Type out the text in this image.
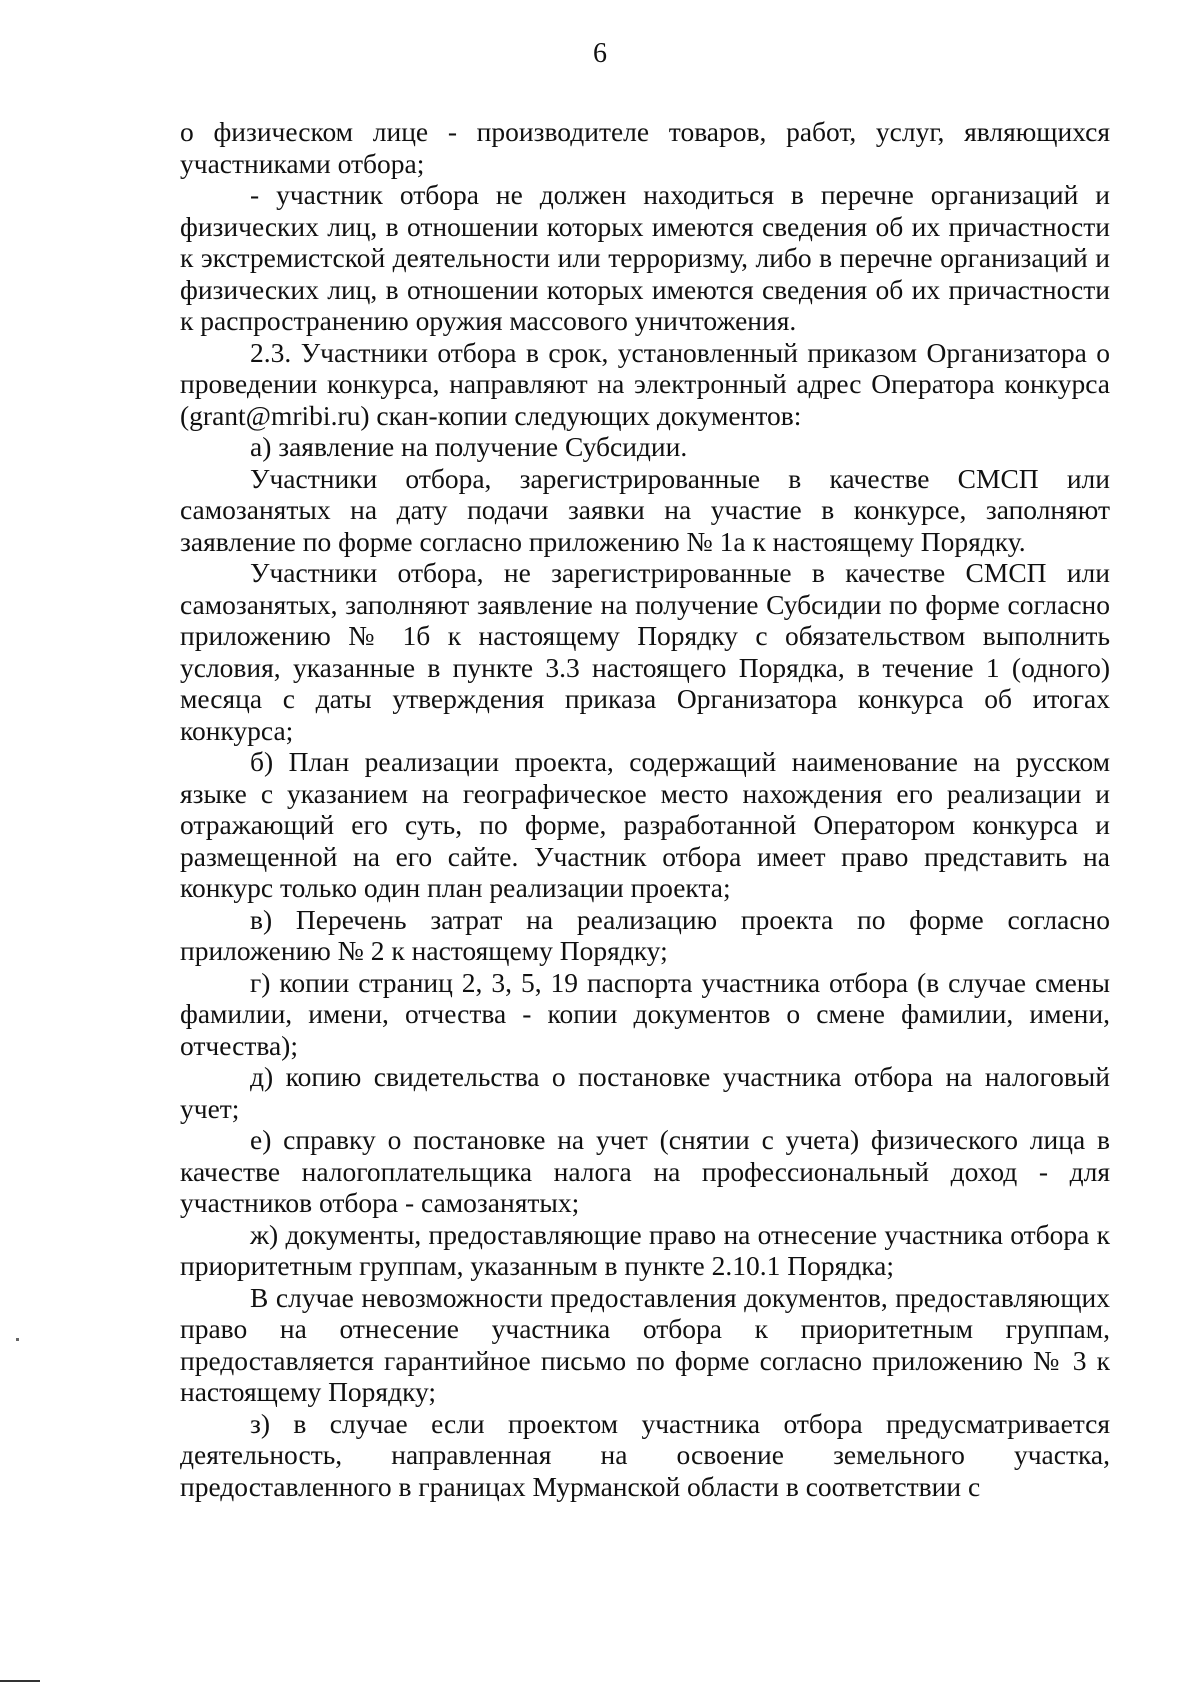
6

о физическом лице - производителе товаров, работ, услуг, являющихся участниками отбора;

- участник отбора не должен находиться в перечне организаций и физических лиц, в отношении которых имеются сведения об их причастности к экстремистской деятельности или терроризму, либо в перечне организаций и физических лиц, в отношении которых имеются сведения об их причастности к распространению оружия массового уничтожения.

2.3. Участники отбора в срок, установленный приказом Организатора о проведении конкурса, направляют на электронный адрес Оператора конкурса (grant@mribi.ru) скан-копии следующих документов:

а) заявление на получение Субсидии.

Участники отбора, зарегистрированные в качестве СМСП или самозанятых на дату подачи заявки на участие в конкурсе, заполняют заявление по форме согласно приложению № 1а к настоящему Порядку.

Участники отбора, не зарегистрированные в качестве СМСП или самозанятых, заполняют заявление на получение Субсидии по форме согласно приложению № 1б к настоящему Порядку с обязательством выполнить условия, указанные в пункте 3.3 настоящего Порядка, в течение 1 (одного) месяца с даты утверждения приказа Организатора конкурса об итогах конкурса;

б) План реализации проекта, содержащий наименование на русском языке с указанием на географическое место нахождения его реализации и отражающий его суть, по форме, разработанной Оператором конкурса и размещенной на его сайте. Участник отбора имеет право представить на конкурс только один план реализации проекта;

в) Перечень затрат на реализацию проекта по форме согласно приложению № 2 к настоящему Порядку;

г) копии страниц 2, 3, 5, 19 паспорта участника отбора (в случае смены фамилии, имени, отчества - копии документов о смене фамилии, имени, отчества);

д) копию свидетельства о постановке участника отбора на налоговый учет;

е) справку о постановке на учет (снятии с учета) физического лица в качестве налогоплательщика налога на профессиональный доход - для участников отбора - самозанятых;

ж) документы, предоставляющие право на отнесение участника отбора к приоритетным группам, указанным в пункте 2.10.1 Порядка;

В случае невозможности предоставления документов, предоставляющих право на отнесение участника отбора к приоритетным группам, предоставляется гарантийное письмо по форме согласно приложению № 3 к настоящему Порядку;

з) в случае если проектом участника отбора предусматривается деятельность, направленная на освоение земельного участка, предоставленного в границах Мурманской области в соответствии с
